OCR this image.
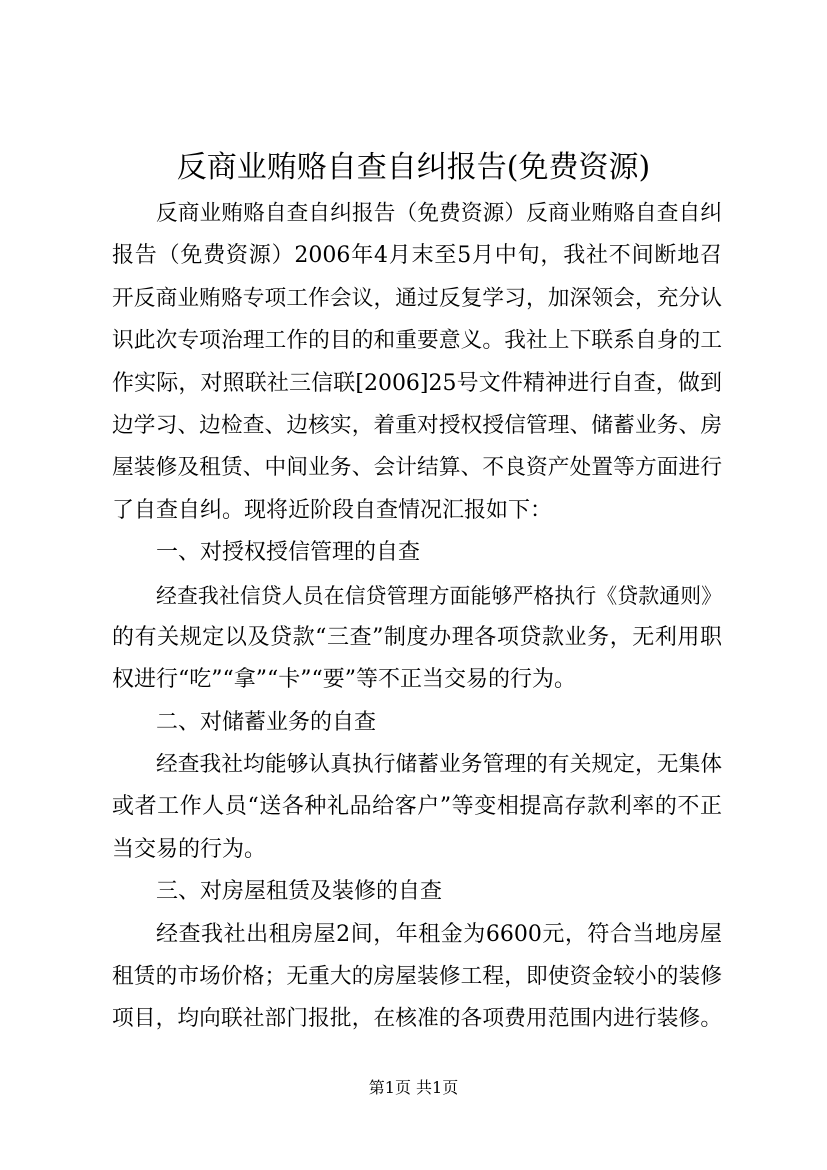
反商业贿赂自查自纠报告(免费资源)
反商业贿赂自查自纠报告（免费资源）反商业贿赂自查自纠
报告（免费资源）2006年4月末至5月中旬，我社不间断地召
开反商业贿赂专项工作会议，通过反复学习，加深领会，充分认
识此次专项治理工作的目的和重要意义。我社上下联系自身的工
作实际，对照联社三信联[2006]25号文件精神进行自查，做到
边学习、边检查、边核实，着重对授权授信管理、储蓄业务、房
屋装修及租赁、中间业务、会计结算、不良资产处置等方面进行
了自查自纠。现将近阶段自查情况汇报如下：
一、对授权授信管理的自查
经查我社信贷人员在信贷管理方面能够严格执行《贷款通则》
的有关规定以及贷款“三查”制度办理各项贷款业务，无利用职
权进行“吃”“拿”“卡”“要”等不正当交易的行为。
二、对储蓄业务的自查
经查我社均能够认真执行储蓄业务管理的有关规定，无集体
或者工作人员“送各种礼品给客户”等变相提高存款利率的不正
当交易的行为。
三、对房屋租赁及装修的自查
经查我社出租房屋2间，年租金为6600元，符合当地房屋
租赁的市场价格；无重大的房屋装修工程，即使资金较小的装修
项目，均向联社部门报批，在核准的各项费用范围内进行装修。
第1页 共1页
